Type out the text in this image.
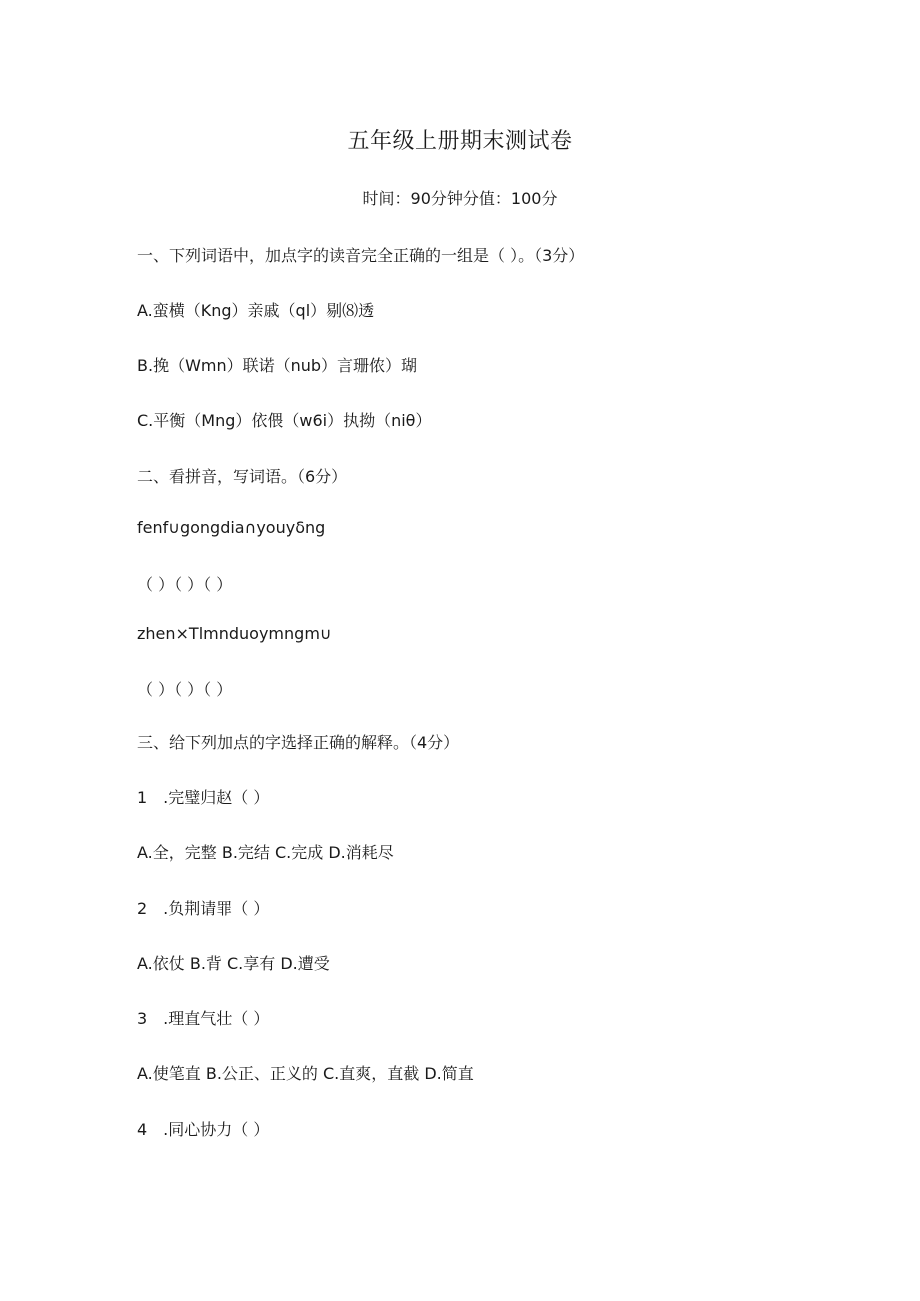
五年级上册期末测试卷
时间：90分钟分值：100分
一、下列词语中，加点字的读音完全正确的一组是（ ）。（3分）
A.蛮横（Kng）亲戚（ql）剔⑻透
B.挽（Wmn）联诺（nub）言珊侬）瑚
C.平衡（Mng）依偎（w6i）执拗（niθ）
二、看拼音，写词语。（6分）
fenf∪gongdia∩youyδng
（ ）（ ）（ ）
zhen×Tlmnduoymngm∪
（ ）（ ）（ ）
三、给下列加点的字选择正确的解释。（4分）
1　.完璧归赵（ ）
A.全，完整 B.完结 C.完成 D.消耗尽
2　.负荆请罪（ ）
A.依仗 B.背 C.享有 D.遭受
3　.理直气壮（ ）
A.使笔直 B.公正、正义的 C.直爽，直截 D.简直
4　.同心协力（ ）
